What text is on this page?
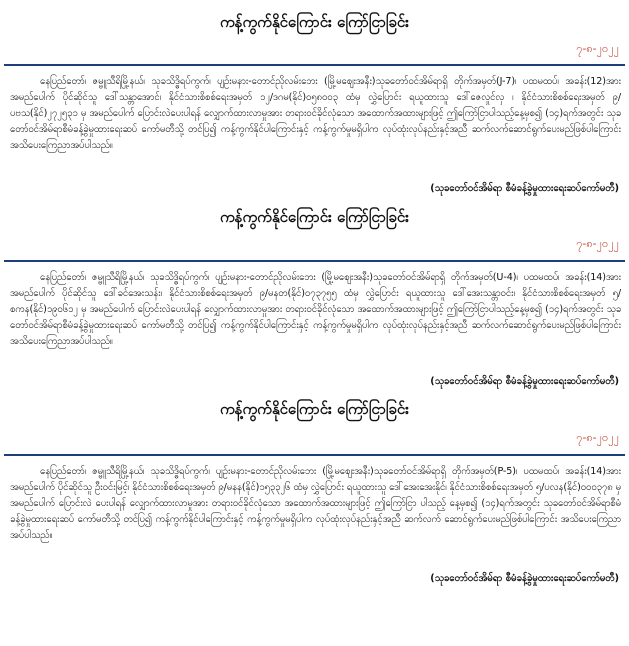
ကန့်ကွက်နိုင်ကြောင်း ကြော်ငြာခြင်း
၇-၈-၂၀၂၂

နေပြည်တော်၊ ဇမ္ဗူသီရိမြို့နယ်၊ သုခသိဒ္ဓိရပ်ကွက်၊ ပျဉ်းမနား-တောင်ညိုလမ်းဘေး (မြို့မဈေးအနီး)သုခတော်ဝင်အိမ်ရာရှိ တိုက်အမှတ်(J-7)၊ ပထမထပ်၊ အခန်း(12)အား အမည်ပေါက် ပိုင်ဆိုင်သူ ဒေါ်သန္တာအောင်၊ နိုင်ငံသားစိစစ်ရေးအမှတ် ၁၂/ဒဂမ(နိုင်)၀၅၈၀၀၃ ထံမှ လွှဲပြောင်း ရယူထားသူ ဒေါ်ဇေလှုင်လှ ၊ နိုင်ငံသားစိစစ်ရေးအမှတ် ၉/ပဗသ(နိုင်)၂၇၂၅၃၁ မှ အမည်ပေါက် ပြောင်းလဲပေးပါရန် လျှောက်ထားလာမှုအား တရားဝင်ခိုင်လုံသော အထောက်အထားများဖြင့် ဤကြော်ငြာပါသည့်နေ့မှစ၍ (၁၄)ရက်အတွင်း သုခတော်ဝင်အိမ်ရာစီမံခန့်ခွဲမှုထားရေးဆပ် ကော်မတီသို့ တင်ပြ၍ ကန့်ကွက်နိုင်ပါကြောင်းနှင့် ကန့်ကွက်မှုမရှိပါက လုပ်ထုံးလုပ်နည်းနှင့်အညီ ဆက်လက်ဆောင်ရွက်ပေးမည်ဖြစ်ပါကြောင်း အသိပေးကြေညာအပ်ပါသည်။

(သုခတော်ဝင်အိမ်ရာ စီမံခန့်ခွဲမှုထားရေးဆပ်ကော်မတီ)
ကန့်ကွက်နိုင်ကြောင်း ကြော်ငြာခြင်း
၇-၈-၂၀၂၂

နေပြည်တော်၊ ဇမ္ဗူသီရိမြို့နယ်၊ သုခသိဒ္ဓိရပ်ကွက်၊ ပျဉ်းမနား-တောင်ညိုလမ်းဘေး (မြို့မဈေးအနီး)သုခတော်ဝင်အိမ်ရာရှိ တိုက်အမှတ်(U-4)၊ ပထမထပ်၊ အခန်း(14)အား အမည်ပေါက် ပိုင်ဆိုင်သူ ဒေါ်ခင်အေးသန်း၊ နိုင်ငံသားစိစစ်ရေးအမှတ် ၉/မနတ(နိုင်)၀၇၃၇၅၅ ထံမှ လွှဲပြောင်း ရယူထားသူ ဒေါ်အေးသန္တာဝင်း၊ နိုင်ငံသားစိစစ်ရေးအမှတ် ၅/စကန(နိုင်)၁၉၀၆၁၂ မှ အမည်ပေါက် ပြောင်းလဲပေးပါရန် လျှောက်ထားလာမှုအား တရားဝင်ခိုင်လုံသော အထောက်အထားများဖြင့် ဤကြော်ငြာပါသည့်နေ့မှစ၍ (၁၄)ရက်အတွင်း သုခတော်ဝင်အိမ်ရာစီမံခန့်ခွဲမှုထားရေးဆပ် ကော်မတီသို့ တင်ပြ၍ ကန့်ကွက်နိုင်ပါကြောင်းနှင့် ကန့်ကွက်မှုမရှိပါက လုပ်ထုံးလုပ်နည်းနှင့်အညီ ဆက်လက်ဆောင်ရွက်ပေးမည်ဖြစ်ပါကြောင်း အသိပေးကြေညာအပ်ပါသည်။

(သုခတော်ဝင်အိမ်ရာ စီမံခန့်ခွဲမှုထားရေးဆပ်ကော်မတီ)
ကန့်ကွက်နိုင်ကြောင်း ကြော်ငြာခြင်း
၇-၈-၂၀၂၂

နေပြည်တော်၊ ဇမ္ဗူသီရိမြို့နယ်၊ သုခသိဒ္ဓိရပ်ကွက်၊ ပျဉ်းမနား-တောင်ညိုလမ်းဘေး (မြို့မဈေးအနီး)သုခတော်ဝင်အိမ်ရာရှိ တိုက်အမှတ်(P-5)၊ ပထမထပ်၊ အခန်း(14)အား အမည်ပေါက် ပိုင်ဆိုင်သူ ဦးဝင်းမြင့်၊ နိုင်ငံသားစိစစ်ရေးအမှတ် ၉/မနန(နိုင်)၁၅၃၃၂၆ ထံမှ လွှဲပြောင်း ရယူထားသူ ဒေါ်အေးအေးနိုင်၊ နိုင်ငံသားစိစစ်ရေးအမှတ် ၅/ပလန(နိုင်)၀၀၀၃၇၈ မှ အမည်ပေါက် ပြောင်းလဲ ပေးပါရန် လျှောက်ထားလာမှုအား တရားဝင်ခိုင်လုံသော အထောက်အထားများဖြင့် ဤကြော်ငြာ ပါသည့် နေ့မှစ၍ (၁၄)ရက်အတွင်း သုခတော်ဝင်အိမ်ရာစီမံခန့်ခွဲမှုထားရေးဆပ် ကော်မတီသို့ တင်ပြ၍ ကန့်ကွက်နိုင်ပါကြောင်းနှင့် ကန့်ကွက်မှုမရှိပါက လုပ်ထုံးလုပ်နည်းနှင့်အညီ ဆက်လက် ဆောင်ရွက်ပေးမည်ဖြစ်ပါကြောင်း အသိပေးကြေညာအပ်ပါသည်။

(သုခတော်ဝင်အိမ်ရာ စီမံခန့်ခွဲမှုထားရေးဆပ်ကော်မတီ)
